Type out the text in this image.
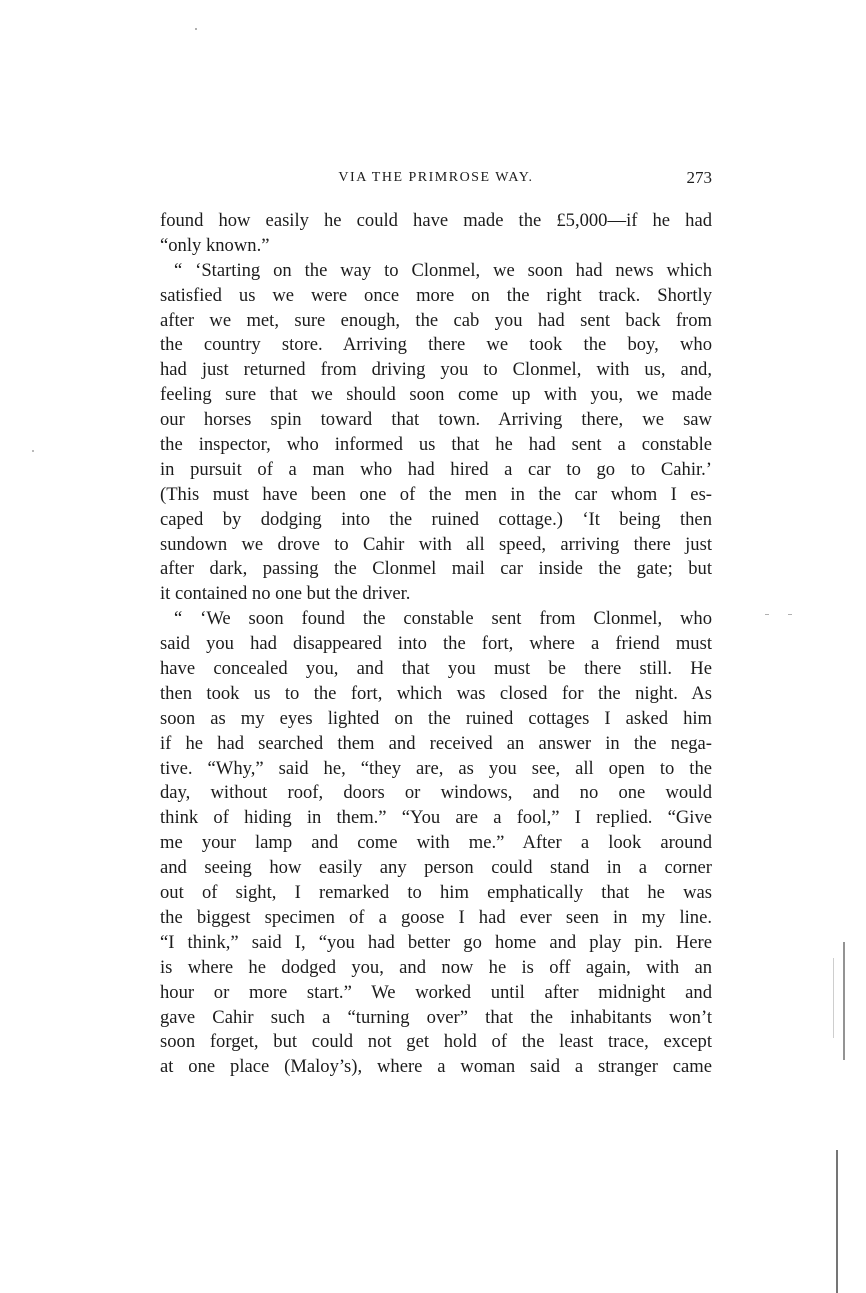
VIA THE PRIMROSE WAY.	273
found how easily he could have made the £5,000—if he had
“only known.”
“ ‘Starting on the way to Clonmel, we soon had news which
satisfied us we were once more on the right track. Shortly
after we met, sure enough, the cab you had sent back from
the country store. Arriving there we took the boy, who
had just returned from driving you to Clonmel, with us, and,
feeling sure that we should soon come up with you, we made
our horses spin toward that town. Arriving there, we saw
the inspector, who informed us that he had sent a constable
in pursuit of a man who had hired a car to go to Cahir.’
(This must have been one of the men in the car whom I es-
caped by dodging into the ruined cottage.) ‘It being then
sundown we drove to Cahir with all speed, arriving there just
after dark, passing the Clonmel mail car inside the gate; but
it contained no one but the driver.
“ ‘We soon found the constable sent from Clonmel, who
said you had disappeared into the fort, where a friend must
have concealed you, and that you must be there still. He
then took us to the fort, which was closed for the night. As
soon as my eyes lighted on the ruined cottages I asked him
if he had searched them and received an answer in the nega-
tive. “Why,” said he, “they are, as you see, all open to the
day, without roof, doors or windows, and no one would
think of hiding in them.” “You are a fool,” I replied. “Give
me your lamp and come with me.” After a look around
and seeing how easily any person could stand in a corner
out of sight, I remarked to him emphatically that he was
the biggest specimen of a goose I had ever seen in my line.
“I think,” said I, “you had better go home and play pin. Here
is where he dodged you, and now he is off again, with an
hour or more start.” We worked until after midnight and
gave Cahir such a “turning over” that the inhabitants won’t
soon forget, but could not get hold of the least trace, except
at one place (Maloy’s), where a woman said a stranger came
